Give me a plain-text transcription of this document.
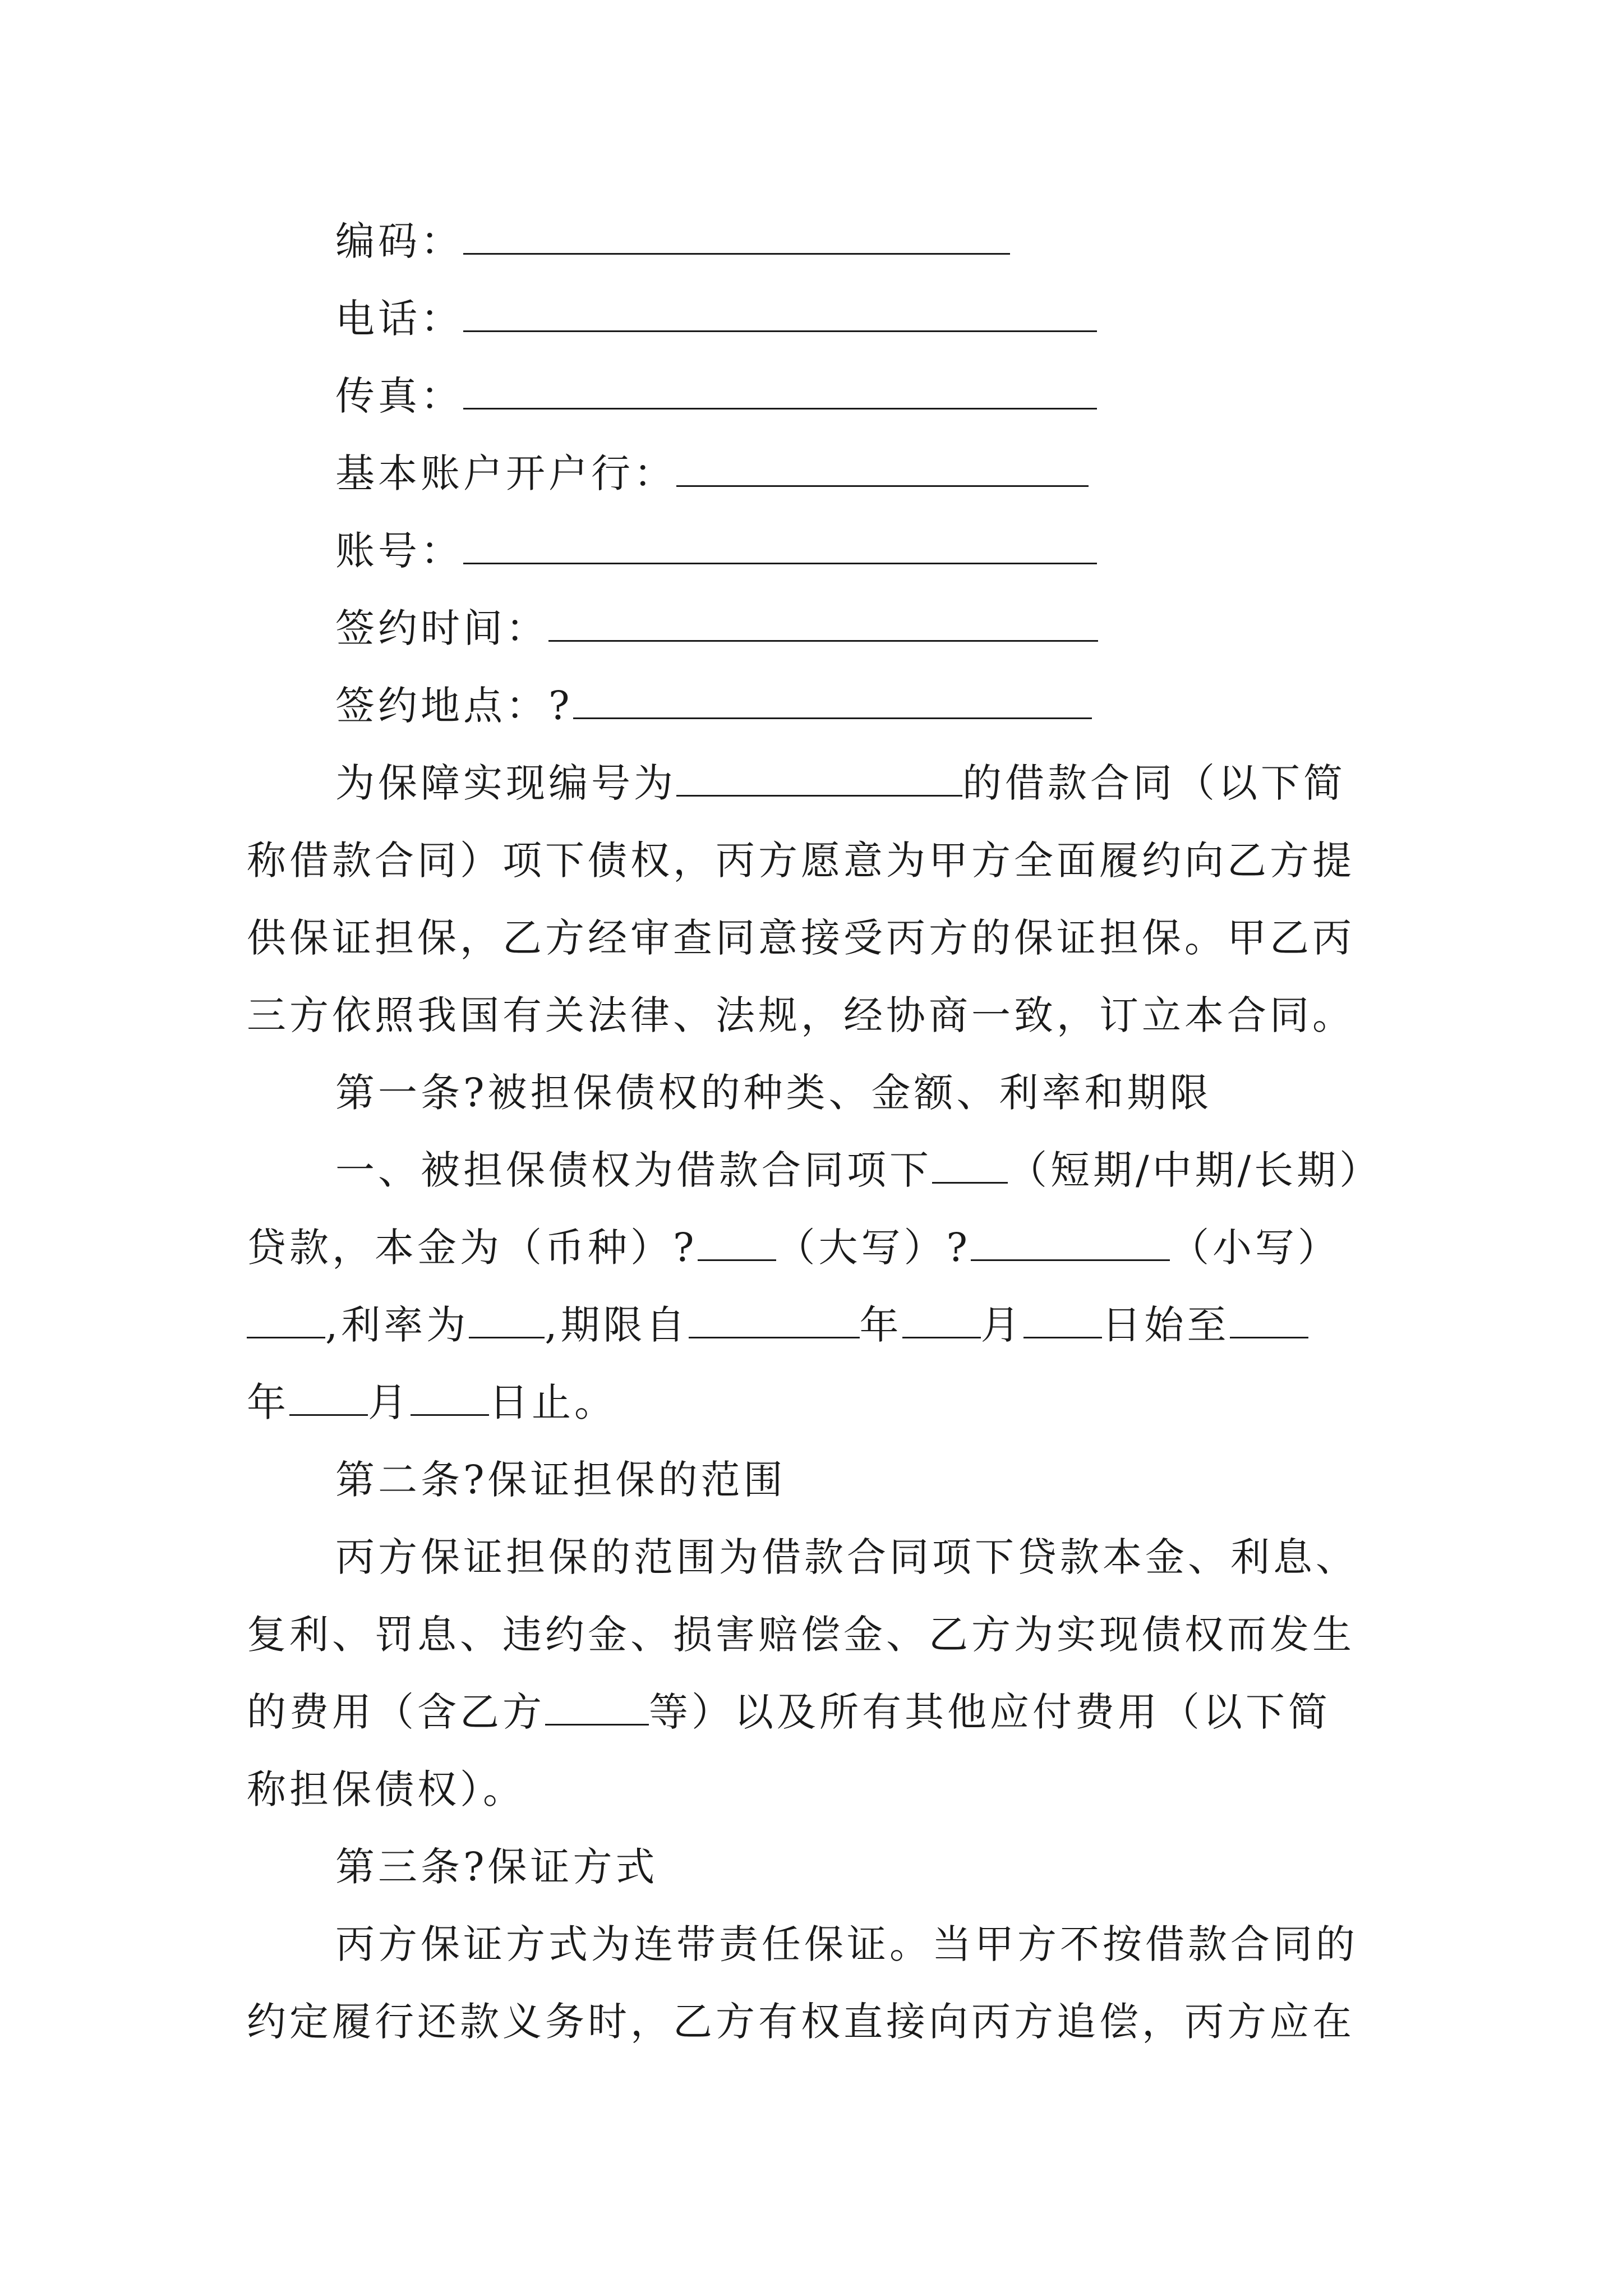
编码：
电话：
传真：
基本账户开户行：
账号：
签约时间：
签约地点：?
为保障实现编号为	的借款合同（以下简
称借款合同）项下债权，丙方愿意为甲方全面履约向乙方提
供保证担保，乙方经审查同意接受丙方的保证担保。甲乙丙
三方依照我国有关法律、法规，经协商一致，订立本合同。
第一条?被担保债权的种类、金额、利率和期限
一、被担保债权为借款合同项下 （短期/中期/长期）
贷款，本金为（币种）? （大写）?	（小写）
,利率为 ,期限自	年 月 日始至
年 月 日止。
第二条?保证担保的范围
丙方保证担保的范围为借款合同项下贷款本金、利息、
复利、罚息、违约金、损害赔偿金、乙方为实现债权而发生
的费用（含乙方	等）以及所有其他应付费用（以下简
称担保债权）。
第三条?保证方式
丙方保证方式为连带责任保证。当甲方不按借款合同的
约定履行还款义务时，乙方有权直接向丙方追偿，丙方应在
